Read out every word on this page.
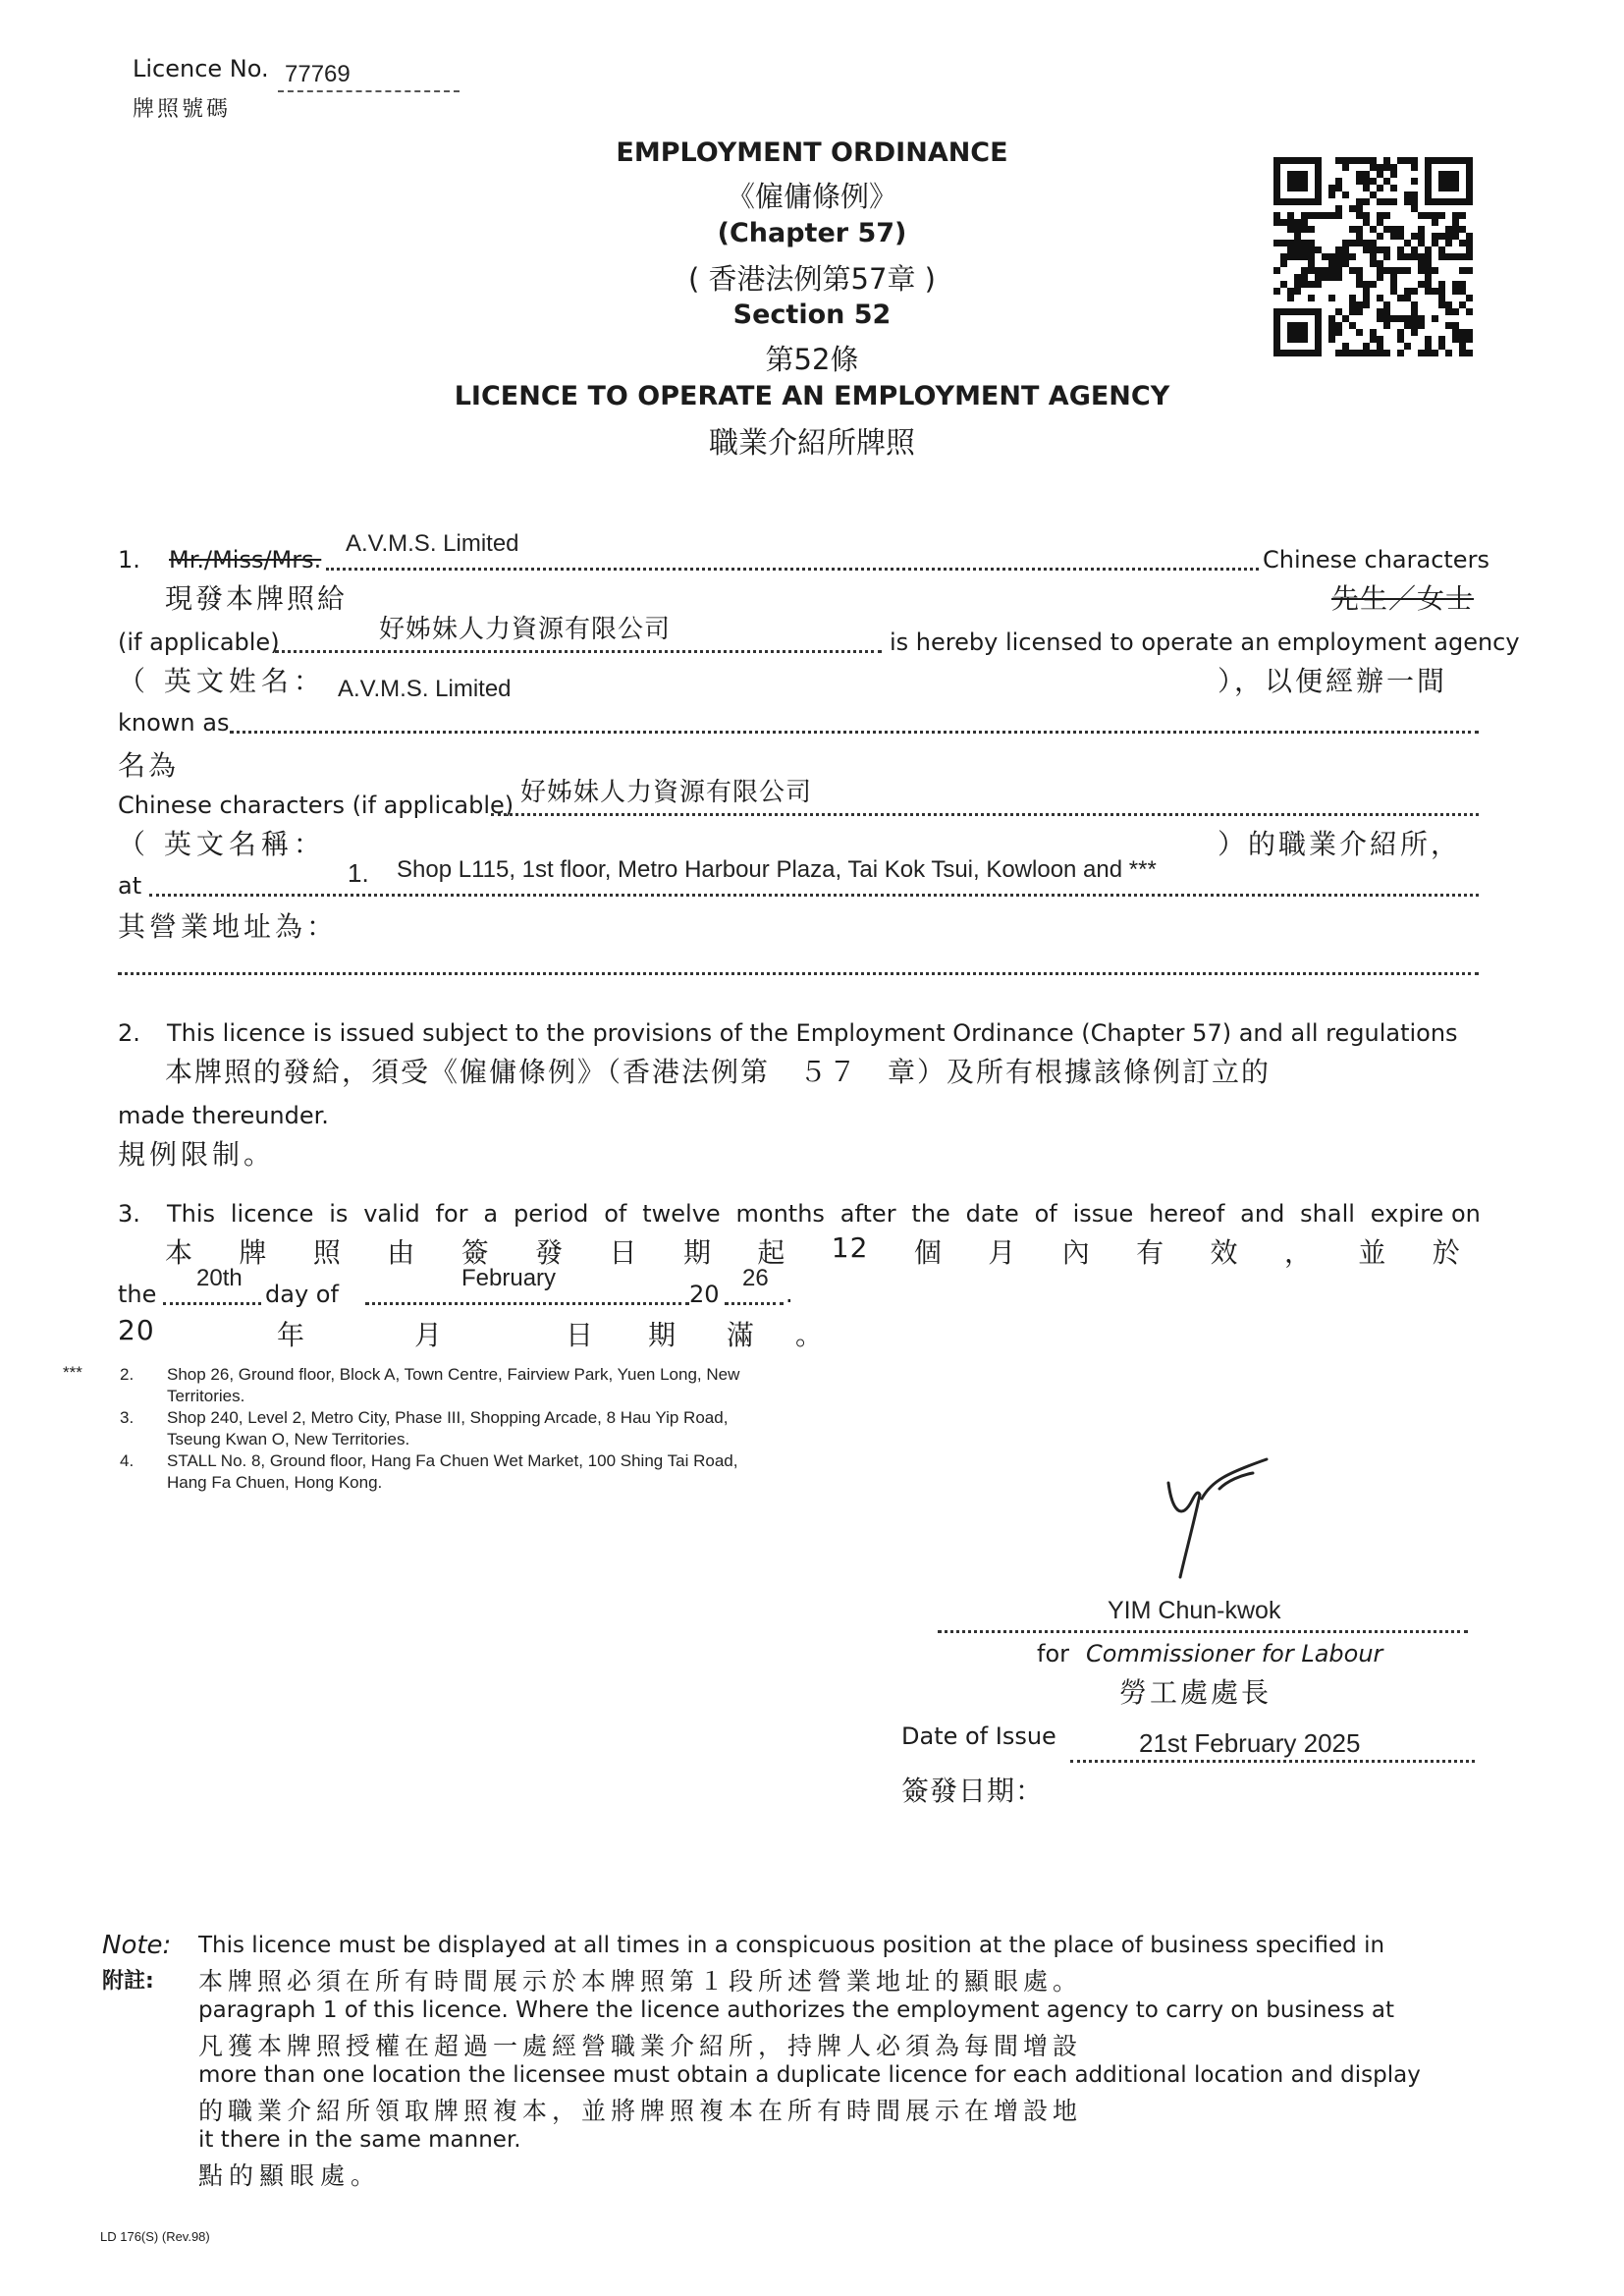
Licence No.
牌照號碼
77769
EMPLOYMENT ORDINANCE
《僱傭條例》
(Chapter 57)
( 香港法例第57章 )
Section 52
第52條
LICENCE TO OPERATE AN EMPLOYMENT AGENCY
職業介紹所牌照
1. Mr./Miss/Mrs.
A.V.M.S. Limited
Chinese characters
現發本牌照給	先生／女士
(if applicable)	好姊妹人力資源有限公司	is hereby licensed to operate an employment agency
（ 英文姓名： A.V.M.S. Limited	），以便經辦一間
known as
名為
Chinese characters (if applicable) 好姊妹人力資源有限公司
（ 英文名稱：	）的職業介紹所，
at	1. Shop L115, 1st floor, Metro Harbour Plaza, Tai Kok Tsui, Kowloon and ***
其營業地址為：
2. This licence is issued subject to the provisions of the Employment Ordinance (Chapter 57) and all regulations
本牌照的發給，須受《僱傭條例》（香港法例第　５７　章）及所有根據該條例訂立的
made thereunder.
規例限制。
3. This licence is valid for a period of twelve months after the date of issue hereof and shall expire on
本 牌 照 由 簽 發 日 期 起 12 個 月 內 有 效 ， 並 於
the
20th
day of
February
20
26
.
20	年	月	日 期 滿 。
*** 2. Shop 26, Ground floor, Block A, Town Centre, Fairview Park, Yuen Long, New
Territories.
3. Shop 240, Level 2, Metro City, Phase III, Shopping Arcade, 8 Hau Yip Road,
Tseung Kwan O, New Territories.
4. STALL No. 8, Ground floor, Hang Fa Chuen Wet Market, 100 Shing Tai Road,
Hang Fa Chuen, Hong Kong.
YIM Chun-kwok
for Commissioner for Labour
勞工處處長
Date of Issue	21st February 2025
簽發日期：
Note:
附註:
This licence must be displayed at all times in a conspicuous position at the place of business specified in
本牌照必須在所有時間展示於本牌照第１段所述營業地址的顯眼處。
paragraph 1 of this licence. Where the licence authorizes the employment agency to carry on business at
凡獲本牌照授權在超過一處經營職業介紹所，持牌人必須為每間增設
more than one location the licensee must obtain a duplicate licence for each additional location and display
的職業介紹所領取牌照複本，並將牌照複本在所有時間展示在增設地
it there in the same manner.
點的顯眼處。
LD 176(S) (Rev.98)
